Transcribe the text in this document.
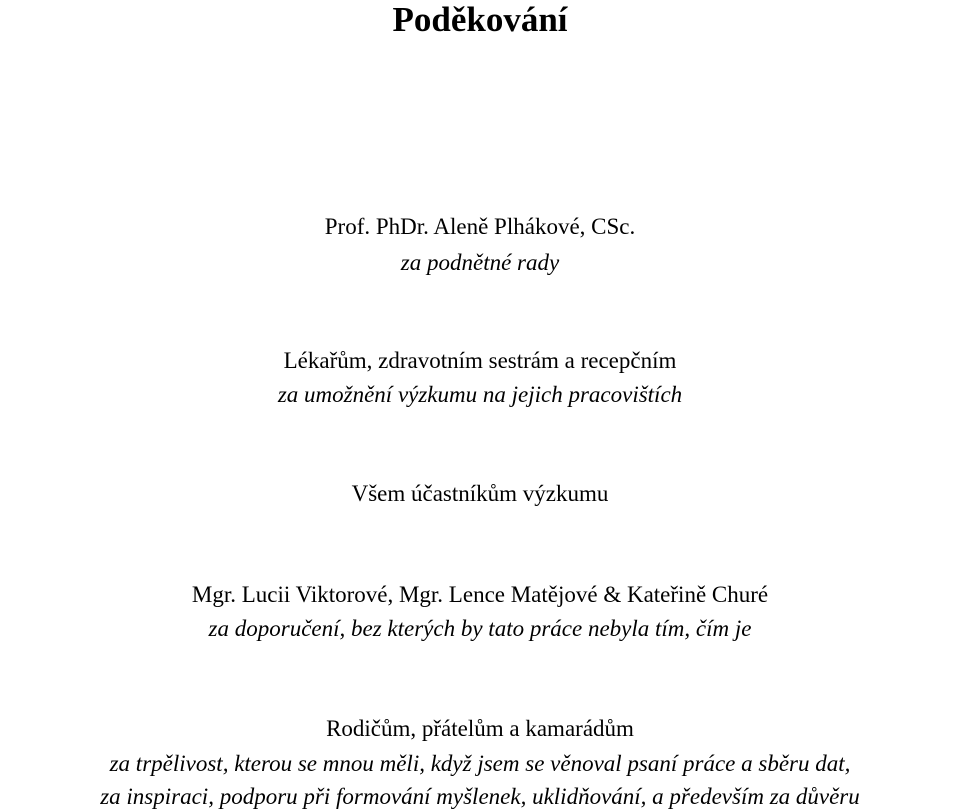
Poděkování
Prof. PhDr. Aleně Plhákové, CSc.
za podnětné rady
Lékařům, zdravotním sestrám a recepčním
za umožnění výzkumu na jejich pracovištích
Všem účastníkům výzkumu
Mgr. Lucii Viktorové, Mgr. Lence Matějové & Kateřině Churé
za doporučení, bez kterých by tato práce nebyla tím, čím je
Rodičům, přátelům a kamarádům
za trpělivost, kterou se mnou měli, když jsem se věnoval psaní práce a sběru dat,
za inspiraci, podporu při formování myšlenek, uklidňování, a především za důvěru
